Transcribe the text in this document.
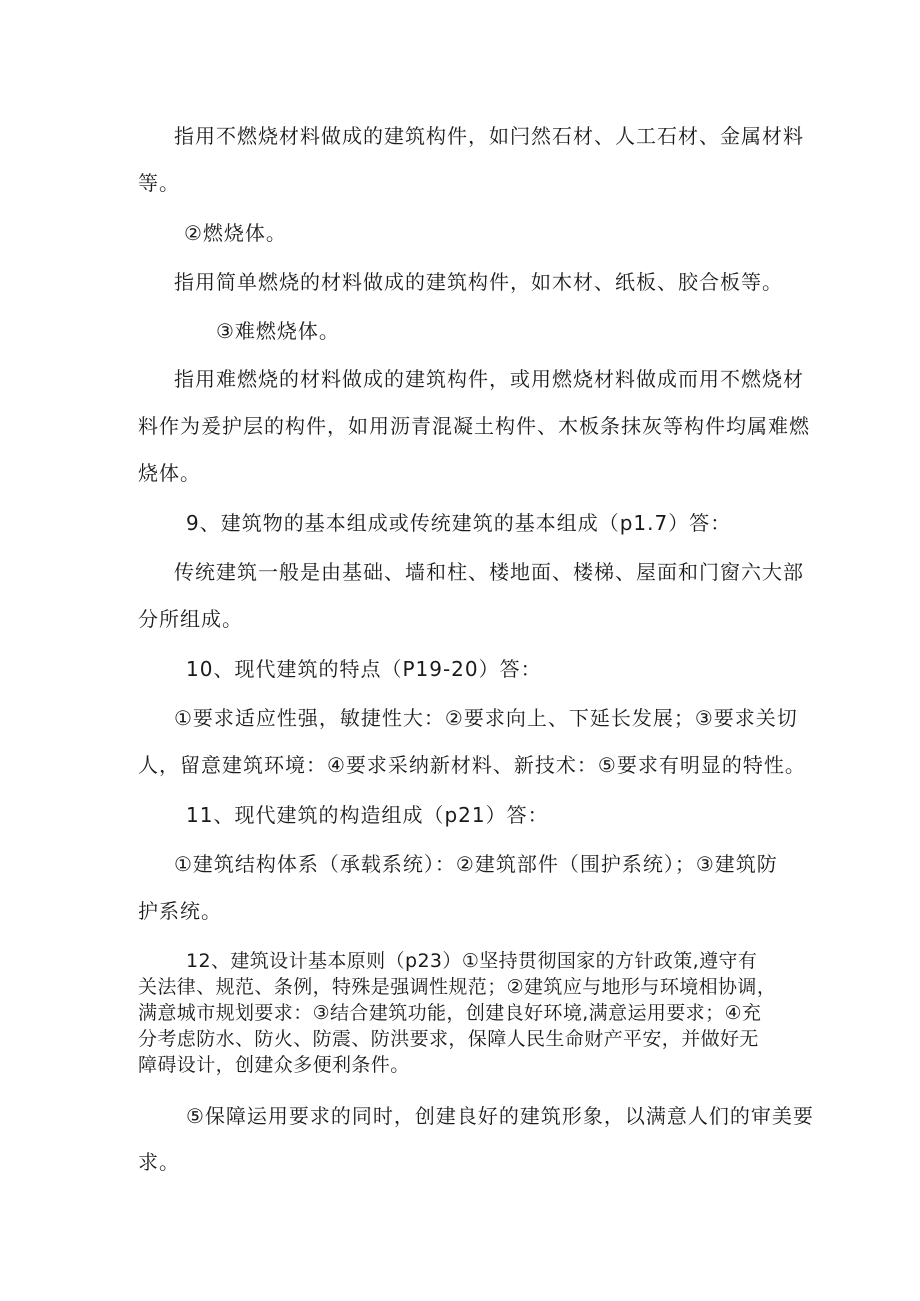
指用不燃烧材料做成的建筑构件，如闩然石材、人工石材、金属材料
等。
②燃烧体。
指用简单燃烧的材料做成的建筑构件，如木材、纸板、胶合板等。
③难燃烧体。
指用难燃烧的材料做成的建筑构件，或用燃烧材料做成而用不燃烧材
料作为爰护层的构件，如用沥青混凝土构件、木板条抹灰等构件均属难燃
烧体。
9、建筑物的基本组成或传统建筑的基本组成（p1.7）答：
传统建筑一般是由基础、墙和柱、楼地面、楼梯、屋面和门窗六大部
分所组成。
10、现代建筑的特点（P19-20）答：
①要求适应性强，敏捷性大：②要求向上、下延长发展；③要求关切
人，留意建筑环境：④要求采纳新材料、新技术：⑤要求有明显的特性。
11、现代建筑的构造组成（p21）答：
①建筑结构体系（承载系统）：②建筑部件（围护系统）；③建筑防
护系统。
12、建筑设计基本原则（p23）①坚持贯彻国家的方针政策,遵守有
关法律、规范、条例，特殊是强调性规范；②建筑应与地形与环境相协调，
满意城市规划要求：③结合建筑功能，创建良好环境,满意运用要求；④充
分考虑防水、防火、防震、防洪要求，保障人民生命财产平安，并做好无
障碍设计，创建众多便利条件。
⑤保障运用要求的同时，创建良好的建筑形象，以满意人们的审美要
求。
